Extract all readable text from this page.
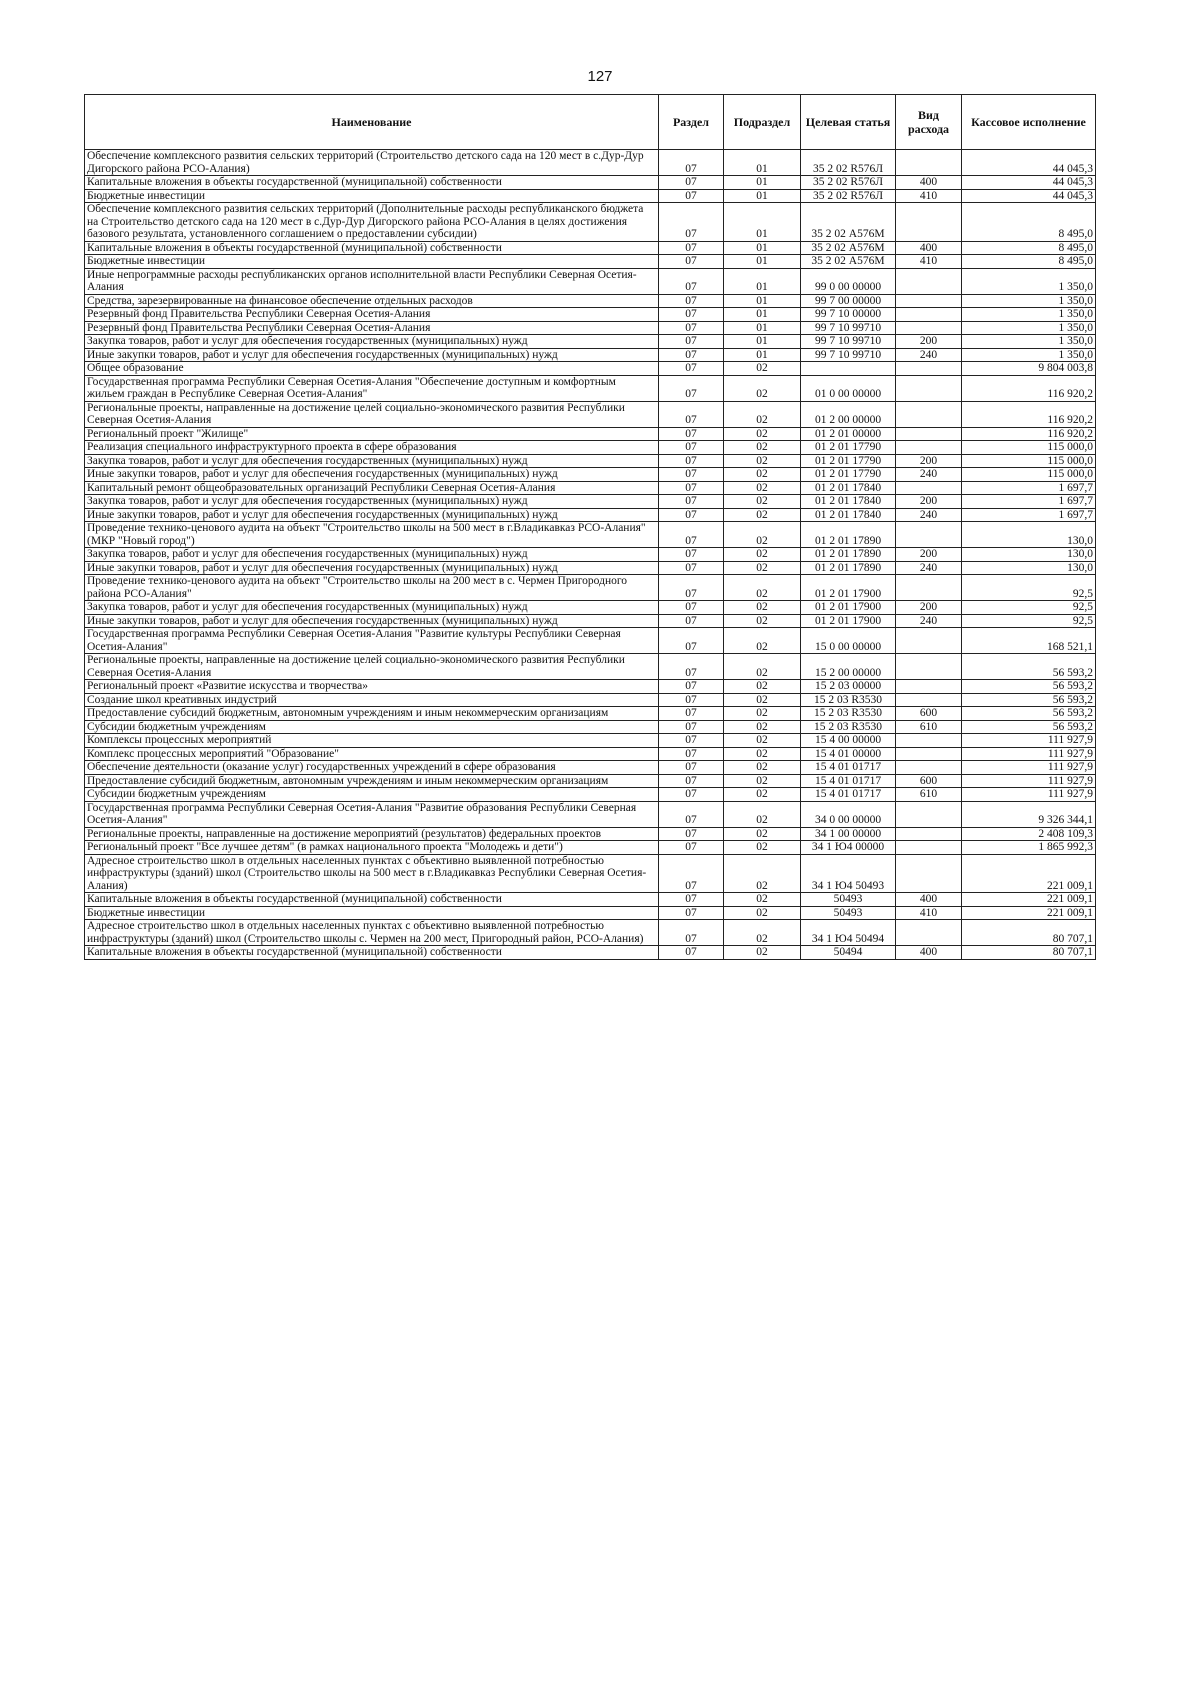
127
Наименование	Раздел	Подраздел	Целевая статья	Вид расхода	Кассовое исполнение
Обеспечение комплексного развития сельских территорий (Строительство детского сада на 120 мест в с.Дур-Дур Дигорского района РСО-Алания)	07	01	35 2 02 R576Л		44 045,3
Капитальные вложения в объекты государственной (муниципальной) собственности	07	01	35 2 02 R576Л	400	44 045,3
Бюджетные инвестиции	07	01	35 2 02 R576Л	410	44 045,3
Обеспечение комплексного развития сельских территорий (Дополнительные расходы республиканского бюджета на Строительство детского сада на 120 мест в с.Дур-Дур Дигорского района РСО-Алания в целях достижения базового результата, установленного соглашением о предоставлении субсидии)	07	01	35 2 02 А576М		8 495,0
Капитальные вложения в объекты государственной (муниципальной) собственности	07	01	35 2 02 А576М	400	8 495,0
Бюджетные инвестиции	07	01	35 2 02 А576М	410	8 495,0
Иные непрограммные расходы республиканских органов исполнительной власти Республики Северная Осетия-Алания	07	01	99 0 00 00000		1 350,0
Средства, зарезервированные на финансовое обеспечение отдельных расходов	07	01	99 7 00 00000		1 350,0
Резервный фонд Правительства Республики Северная Осетия-Алания	07	01	99 7 10 00000		1 350,0
Резервный фонд Правительства Республики Северная Осетия-Алания	07	01	99 7 10 99710		1 350,0
Закупка товаров, работ и услуг для обеспечения государственных (муниципальных) нужд	07	01	99 7 10 99710	200	1 350,0
Иные закупки товаров, работ и услуг для обеспечения государственных (муниципальных) нужд	07	01	99 7 10 99710	240	1 350,0
Общее образование	07	02			9 804 003,8
Государственная программа Республики Северная Осетия-Алания "Обеспечение доступным и комфортным жильем граждан в Республике Северная Осетия-Алания"	07	02	01 0 00 00000		116 920,2
Региональные проекты, направленные на достижение целей социально-экономического развития Республики Северная Осетия-Алания	07	02	01 2 00 00000		116 920,2
Региональный проект "Жилище"	07	02	01 2 01 00000		116 920,2
Реализация специального инфраструктурного проекта в сфере образования	07	02	01 2 01 17790		115 000,0
Закупка товаров, работ и услуг для обеспечения государственных (муниципальных) нужд	07	02	01 2 01 17790	200	115 000,0
Иные закупки товаров, работ и услуг для обеспечения государственных (муниципальных) нужд	07	02	01 2 01 17790	240	115 000,0
Капитальный ремонт общеобразовательных организаций Республики Северная Осетия-Алания	07	02	01 2 01 17840		1 697,7
Закупка товаров, работ и услуг для обеспечения государственных (муниципальных) нужд	07	02	01 2 01 17840	200	1 697,7
Иные закупки товаров, работ и услуг для обеспечения государственных (муниципальных) нужд	07	02	01 2 01 17840	240	1 697,7
Проведение технико-ценового аудита на объект "Строительство школы на 500 мест в г.Владикавказ РСО-Алания" (МКР "Новый город")	07	02	01 2 01 17890		130,0
Закупка товаров, работ и услуг для обеспечения государственных (муниципальных) нужд	07	02	01 2 01 17890	200	130,0
Иные закупки товаров, работ и услуг для обеспечения государственных (муниципальных) нужд	07	02	01 2 01 17890	240	130,0
Проведение технико-ценового аудита на объект "Строительство школы на 200 мест в с. Чермен Пригородного района РСО-Алания"	07	02	01 2 01 17900		92,5
Закупка товаров, работ и услуг для обеспечения государственных (муниципальных) нужд	07	02	01 2 01 17900	200	92,5
Иные закупки товаров, работ и услуг для обеспечения государственных (муниципальных) нужд	07	02	01 2 01 17900	240	92,5
Государственная программа Республики Северная Осетия-Алания "Развитие культуры Республики Северная Осетия-Алания"	07	02	15 0 00 00000		168 521,1
Региональные проекты, направленные на достижение целей социально-экономического развития Республики Северная Осетия-Алания	07	02	15 2 00 00000		56 593,2
Региональный проект «Развитие искусства и творчества»	07	02	15 2 03 00000		56 593,2
Создание школ креативных индустрий	07	02	15 2 03 R3530		56 593,2
Предоставление субсидий бюджетным, автономным учреждениям и иным некоммерческим организациям	07	02	15 2 03 R3530	600	56 593,2
Субсидии бюджетным учреждениям	07	02	15 2 03 R3530	610	56 593,2
Комплексы процессных мероприятий	07	02	15 4 00 00000		111 927,9
Комплекс процессных мероприятий "Образование"	07	02	15 4 01 00000		111 927,9
Обеспечение деятельности (оказание услуг) государственных учреждений в сфере образования	07	02	15 4 01 01717		111 927,9
Предоставление субсидий бюджетным, автономным учреждениям и иным некоммерческим организациям	07	02	15 4 01 01717	600	111 927,9
Субсидии бюджетным учреждениям	07	02	15 4 01 01717	610	111 927,9
Государственная программа Республики Северная Осетия-Алания "Развитие образования Республики Северная Осетия-Алания"	07	02	34 0 00 00000		9 326 344,1
Региональные проекты, направленные на достижение мероприятий (результатов) федеральных проектов	07	02	34 1 00 00000		2 408 109,3
Региональный проект "Все лучшее детям" (в рамках национального проекта "Молодежь и дети")	07	02	34 1 Ю4 00000		1 865 992,3
Адресное строительство школ в отдельных населенных пунктах с объективно выявленной потребностью инфраструктуры (зданий) школ (Строительство школы на 500 мест в г.Владикавказ Республики Северная Осетия-Алания)	07	02	34 1 Ю4 50493		221 009,1
Капитальные вложения в объекты государственной (муниципальной) собственности	07	02	50493	400	221 009,1
Бюджетные инвестиции	07	02	50493	410	221 009,1
Адресное строительство школ в отдельных населенных пунктах с объективно выявленной потребностью инфраструктуры (зданий) школ (Строительство школы с. Чермен на 200 мест, Пригородный район, РСО-Алания)	07	02	34 1 Ю4 50494		80 707,1
Капитальные вложения в объекты государственной (муниципальной) собственности	07	02	50494	400	80 707,1
